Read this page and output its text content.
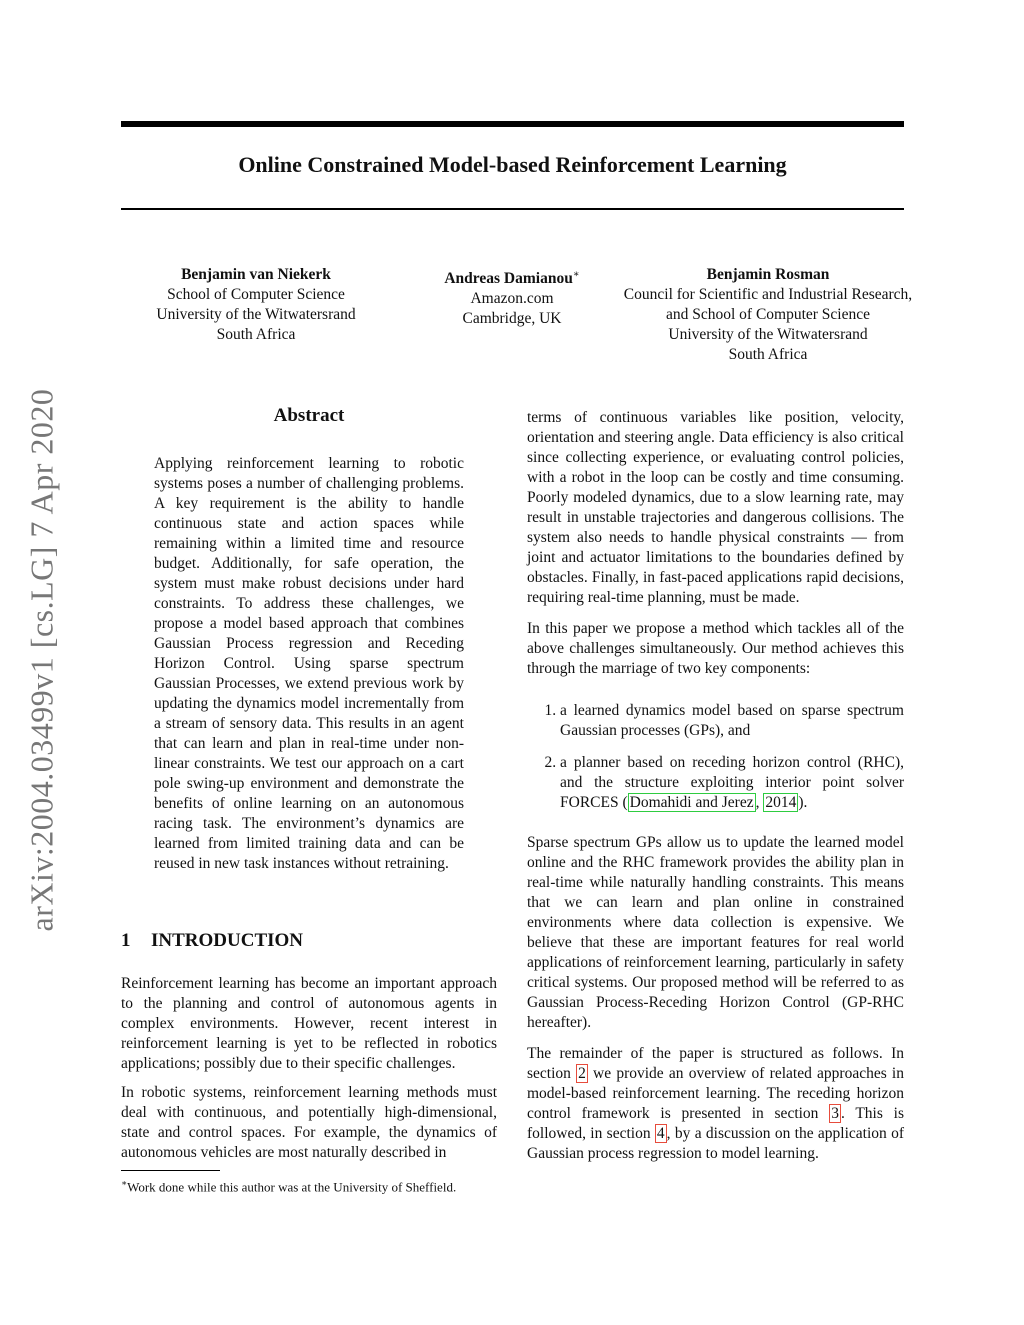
Online Constrained Model-based Reinforcement Learning
arXiv:2004.03499v1 [cs.LG] 7 Apr 2020
Benjamin van Niekerk
School of Computer Science
University of the Witwatersrand
South Africa
Andreas Damianou∗
Amazon.com
Cambridge, UK
Benjamin Rosman
Council for Scientific and Industrial Research,
and School of Computer Science
University of the Witwatersrand
South Africa
Abstract
Applying reinforcement learning to robotic systems poses a number of challenging problems. A key requirement is the ability to handle continuous state and action spaces while remaining within a limited time and resource budget. Additionally, for safe operation, the system must make robust decisions under hard constraints. To address these challenges, we propose a model based approach that combines Gaussian Process regression and Receding Horizon Control. Using sparse spectrum Gaussian Processes, we extend previous work by updating the dynamics model incrementally from a stream of sensory data. This results in an agent that can learn and plan in real-time under non-linear constraints. We test our approach on a cart pole swing-up environment and demonstrate the benefits of online learning on an autonomous racing task. The environment’s dynamics are learned from limited training data and can be reused in new task instances without retraining.
1 INTRODUCTION

Reinforcement learning has become an important approach to the planning and control of autonomous agents in complex environments. However, recent interest in reinforcement learning is yet to be reflected in robotics applications; possibly due to their specific challenges.

In robotic systems, reinforcement learning methods must deal with continuous, and potentially high-dimensional, state and control spaces. For example, the dynamics of autonomous vehicles are most naturally described in

∗Work done while this author was at the University of Sheffield.

terms of continuous variables like position, velocity, orientation and steering angle. Data efficiency is also critical since collecting experience, or evaluating control policies, with a robot in the loop can be costly and time consuming. Poorly modeled dynamics, due to a slow learning rate, may result in unstable trajectories and dangerous collisions. The system also needs to handle physical constraints — from joint and actuator limitations to the boundaries defined by obstacles. Finally, in fast-paced applications rapid decisions, requiring real-time planning, must be made.

In this paper we propose a method which tackles all of the above challenges simultaneously. Our method achieves this through the marriage of two key components:

1. a learned dynamics model based on sparse spectrum Gaussian processes (GPs), and
2. a planner based on receding horizon control (RHC), and the structure exploiting interior point solver FORCES ( Domahidi and Jerez , 2014 ).

Sparse spectrum GPs allow us to update the learned model online and the RHC framework provides the ability plan in real-time while naturally handling constraints. This means that we can learn and plan online in constrained environments where data collection is expensive. We believe that these are important features for real world applications of reinforcement learning, particularly in safety critical systems. Our proposed method will be referred to as Gaussian Process-Receding Horizon Control (GP-RHC hereafter).

The remainder of the paper is structured as follows. In section 2 we provide an overview of related approaches in model-based reinforcement learning. The receding horizon control framework is presented in section 3 . This is followed, in section 4 , by a discussion on the application of Gaussian process regression to model learning.
